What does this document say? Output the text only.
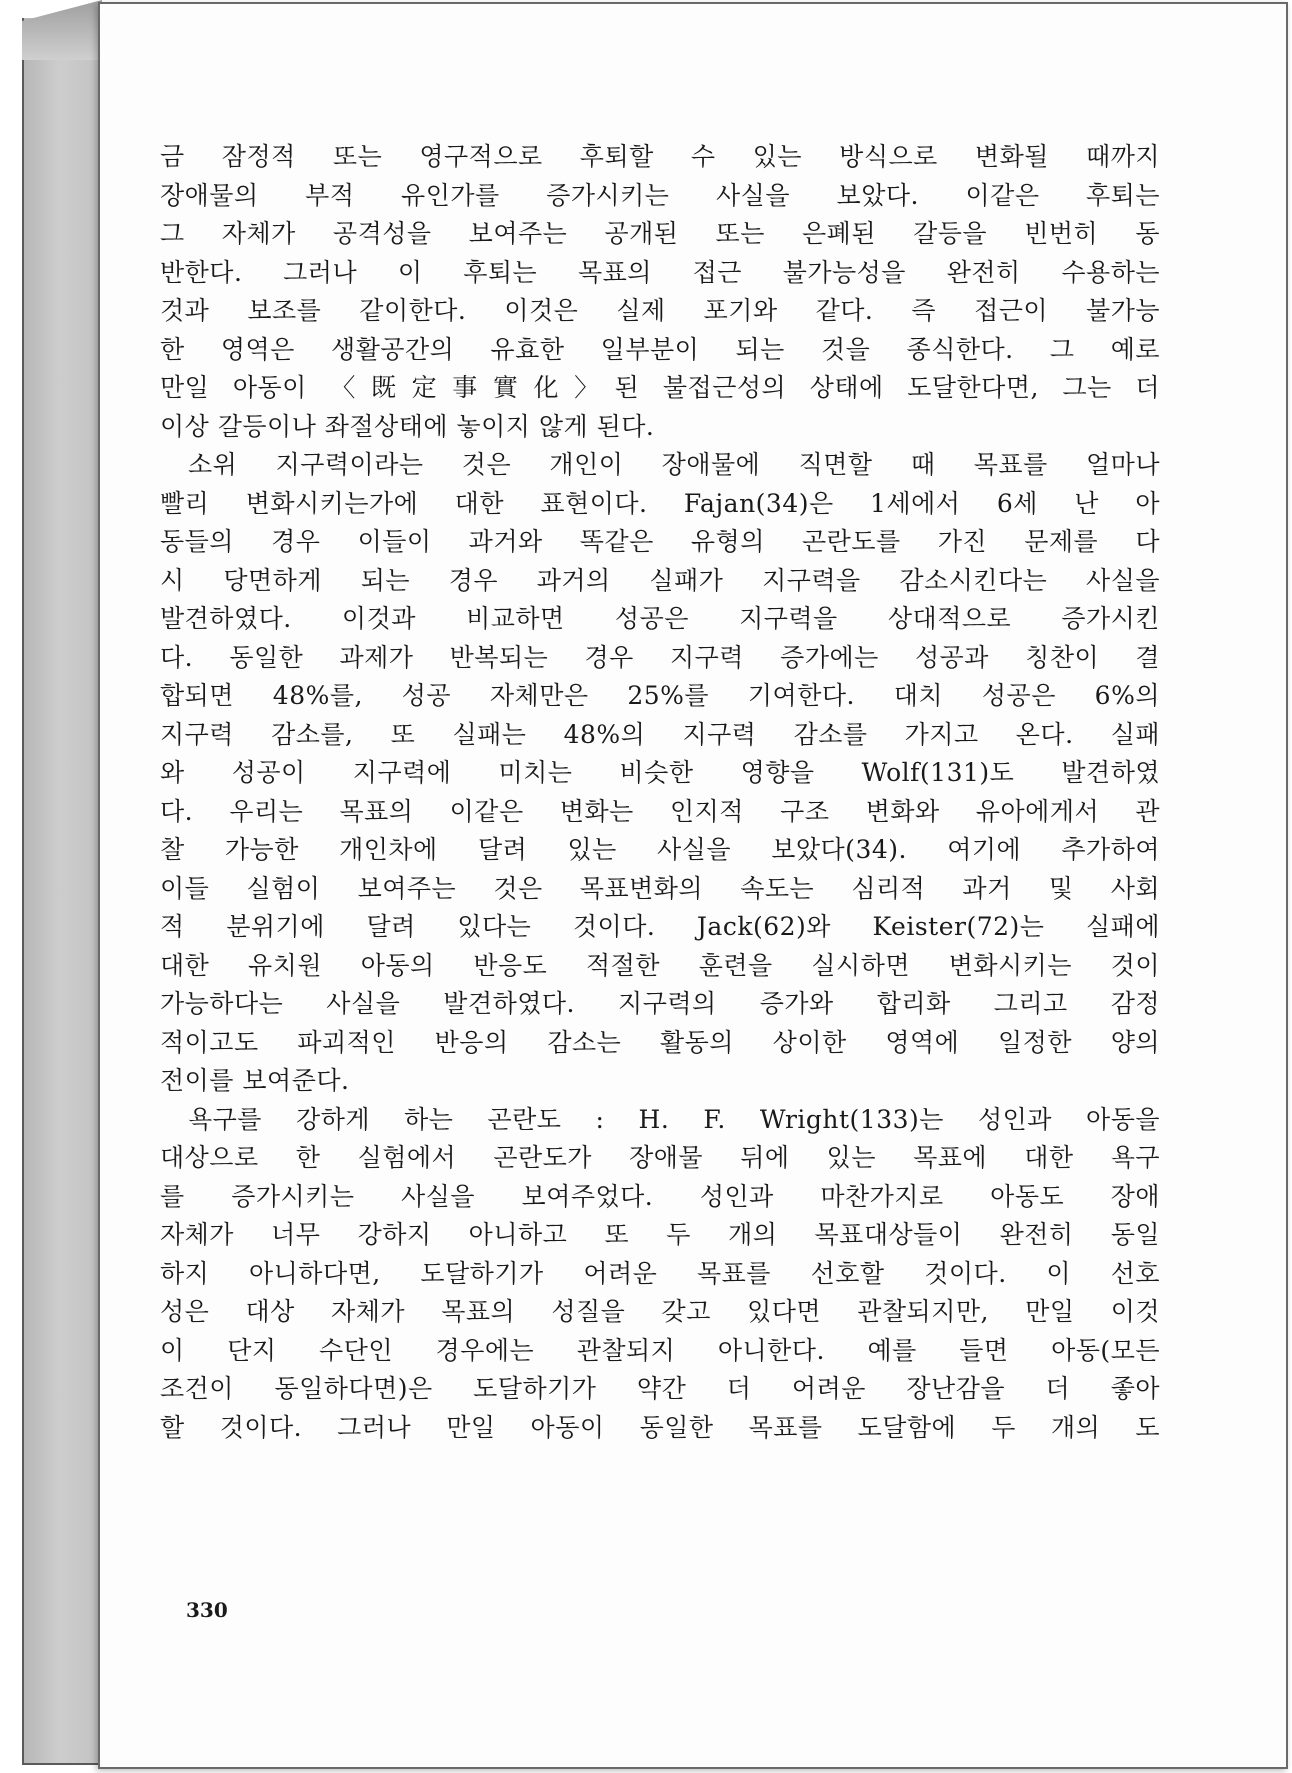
금 잠정적 또는 영구적으로 후퇴할 수 있는 방식으로 변화될 때까지
장애물의 부적 유인가를 증가시키는 사실을 보았다. 이같은 후퇴는
그 자체가 공격성을 보여주는 공개된 또는 은폐된 갈등을 빈번히 동
반한다. 그러나 이 후퇴는 목표의 접근 불가능성을 완전히 수용하는
것과 보조를 같이한다. 이것은 실제 포기와 같다. 즉 접근이 불가능
한 영역은 생활공간의 유효한 일부분이 되는 것을 종식한다. 그 예로
만일 아동이 〈既定事實化〉된 불접근성의 상태에 도달한다면, 그는 더
이상 갈등이나 좌절상태에 놓이지 않게 된다.
소위 지구력이라는 것은 개인이 장애물에 직면할 때 목표를 얼마나
빨리 변화시키는가에 대한 표현이다. Fajan(34)은 1세에서 6세 난 아
동들의 경우 이들이 과거와 똑같은 유형의 곤란도를 가진 문제를 다
시 당면하게 되는 경우 과거의 실패가 지구력을 감소시킨다는 사실을
발견하였다. 이것과 비교하면 성공은 지구력을 상대적으로 증가시킨
다. 동일한 과제가 반복되는 경우 지구력 증가에는 성공과 칭찬이 결
합되면 48%를, 성공 자체만은 25%를 기여한다. 대치 성공은 6%의
지구력 감소를, 또 실패는 48%의 지구력 감소를 가지고 온다. 실패
와 성공이 지구력에 미치는 비슷한 영향을 Wolf(131)도 발견하였
다. 우리는 목표의 이같은 변화는 인지적 구조 변화와 유아에게서 관
찰 가능한 개인차에 달려 있는 사실을 보았다(34). 여기에 추가하여
이들 실험이 보여주는 것은 목표변화의 속도는 심리적 과거 및 사회
적 분위기에 달려 있다는 것이다. Jack(62)와 Keister(72)는 실패에
대한 유치원 아동의 반응도 적절한 훈련을 실시하면 변화시키는 것이
가능하다는 사실을 발견하였다. 지구력의 증가와 합리화 그리고 감정
적이고도 파괴적인 반응의 감소는 활동의 상이한 영역에 일정한 양의
전이를 보여준다.
욕구를 강하게 하는 곤란도 : H. F. Wright(133)는 성인과 아동을
대상으로 한 실험에서 곤란도가 장애물 뒤에 있는 목표에 대한 욕구
를 증가시키는 사실을 보여주었다. 성인과 마찬가지로 아동도 장애
자체가 너무 강하지 아니하고 또 두 개의 목표대상들이 완전히 동일
하지 아니하다면, 도달하기가 어려운 목표를 선호할 것이다. 이 선호
성은 대상 자체가 목표의 성질을 갖고 있다면 관찰되지만, 만일 이것
이 단지 수단인 경우에는 관찰되지 아니한다. 예를 들면 아동(모든
조건이 동일하다면)은 도달하기가 약간 더 어려운 장난감을 더 좋아
할 것이다. 그러나 만일 아동이 동일한 목표를 도달함에 두 개의 도
330
